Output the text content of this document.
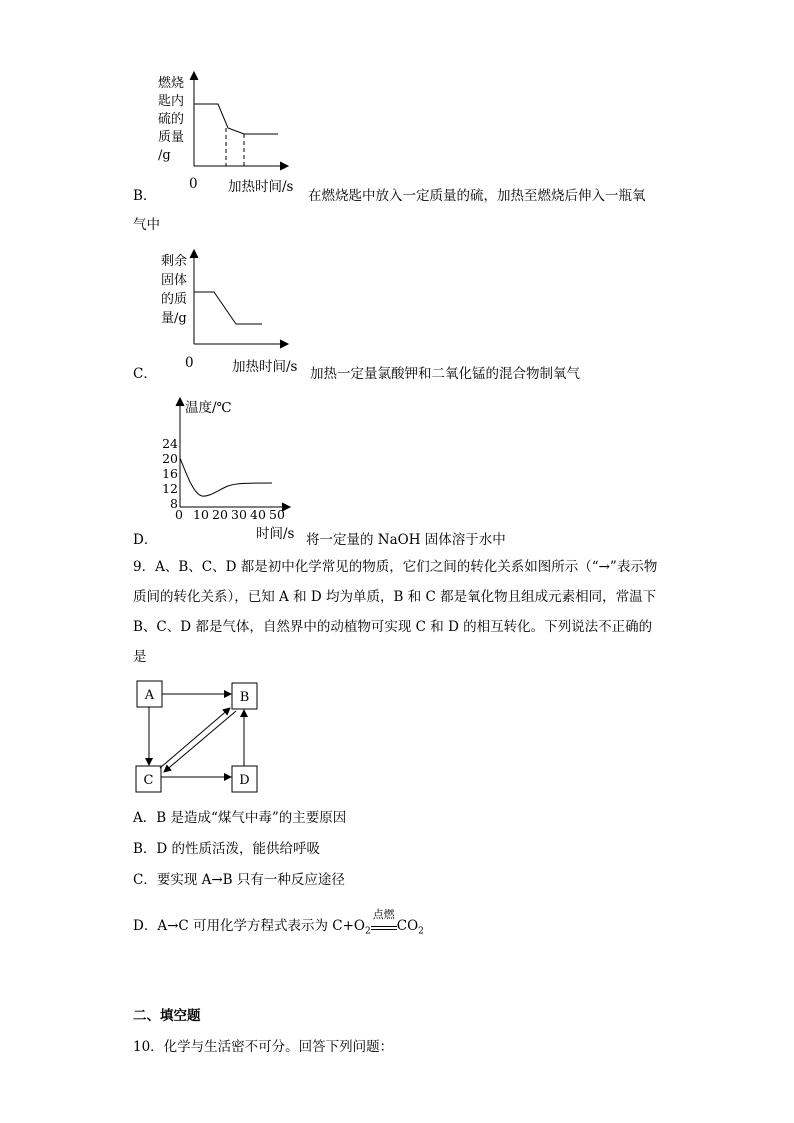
燃烧
匙内
硫的
质量
/g
0 加热时间/s
B．	在燃烧匙中放入一定质量的硫，加热至燃烧后伸入一瓶氧
气中
剩余
固体
的质
量/g
0	加热时间/s
C．	加热一定量氯酸钾和二氧化锰的混合物制氧气
温度/℃
24
20
16
12
8
0 10 20 30 40 50
时间/s
D．	将一定量的 NaOH 固体溶于水中
9．A、B、C、D 都是初中化学常见的物质，它们之间的转化关系如图所示（“→”表示物质间的转化关系），已知 A 和 D 均为单质，B 和 C 都是氧化物且组成元素相同，常温下 B、C、D 都是气体，自然界中的动植物可实现 C 和 D 的相互转化。下列说法不正确的是
A	B
C	D
A．B 是造成“煤气中毒”的主要原因
B．D 的性质活泼，能供给呼吸
C．要实现 A→B 只有一种反应途径
D．A→C 可用化学方程式表示为 $C+O_2$
点燃
$CO_2$
二、填空题
10．化学与生活密不可分。回答下列问题：
